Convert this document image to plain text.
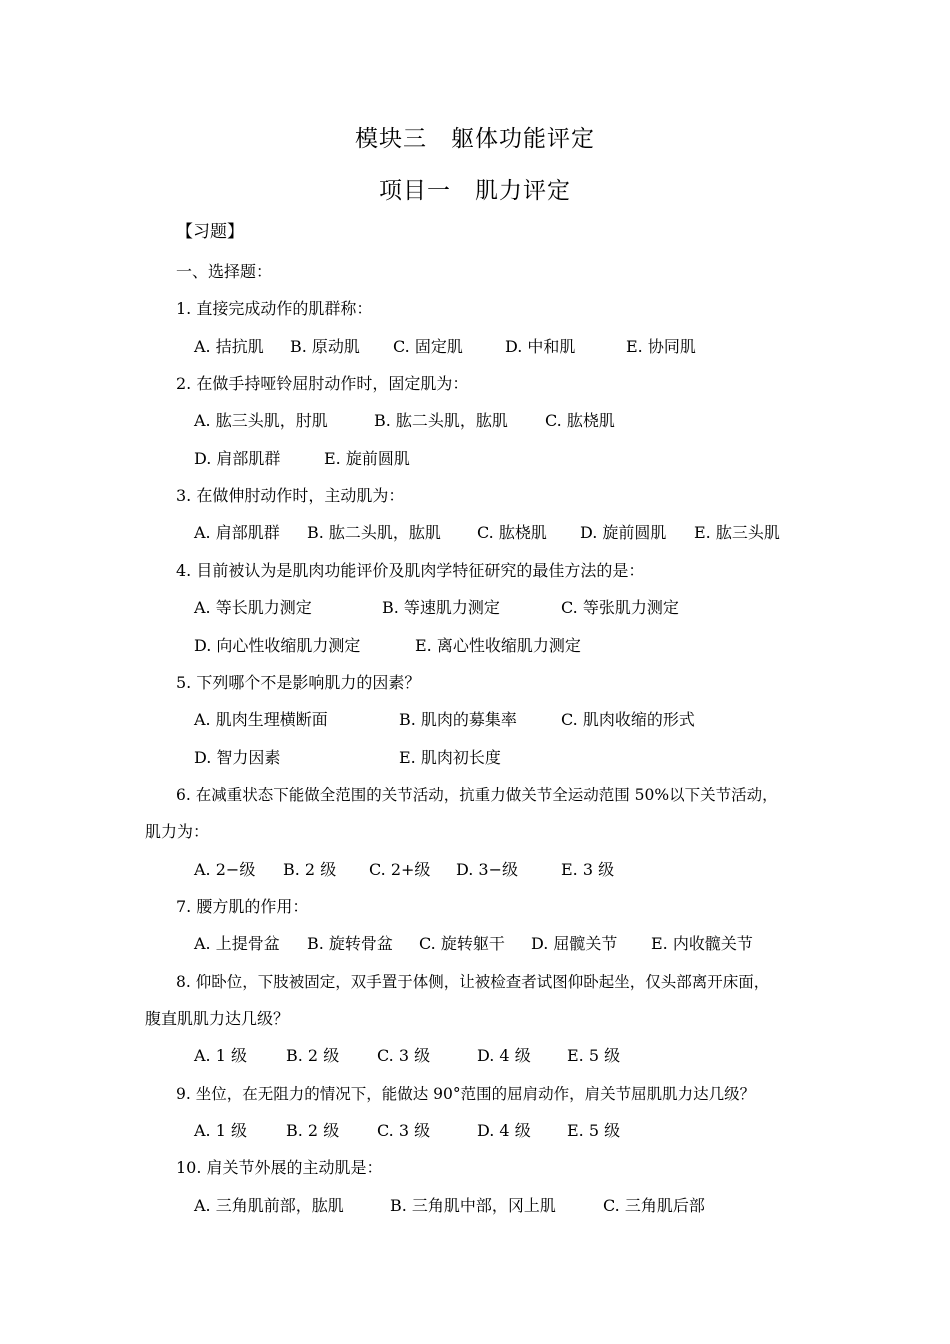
模块三　躯体功能评定
项目一　肌力评定
【习题】
一、选择题：
1. 直接完成动作的肌群称：
A. 拮抗肌 B. 原动肌 C. 固定肌	D. 中和肌	E. 协同肌
2. 在做手持哑铃屈肘动作时，固定肌为：
A. 肱三头肌，肘肌	B. 肱二头肌，肱肌 C. 肱桡肌
D. 肩部肌群	E. 旋前圆肌
3. 在做伸肘动作时，主动肌为：
A. 肩部肌群 B. 肱二头肌，肱肌 C. 肱桡肌 D. 旋前圆肌 E. 肱三头肌
4. 目前被认为是肌肉功能评价及肌肉学特征研究的最佳方法的是：
A. 等长肌力测定	B. 等速肌力测定	C. 等张肌力测定
D. 向心性收缩肌力测定	E. 离心性收缩肌力测定
5. 下列哪个不是影响肌力的因素？
A. 肌肉生理横断面	B. 肌肉的募集率	C. 肌肉收缩的形式
D. 智力因素	E. 肌肉初长度
6. 在减重状态下能做全范围的关节活动，抗重力做关节全运动范围 50%以下关节活动，
肌力为：
A. 2−级 B. 2 级 C. 2+级 D. 3−级	E. 3 级
7. 腰方肌的作用：
A. 上提骨盆 B. 旋转骨盆 C. 旋转躯干 D. 屈髋关节 E. 内收髋关节
8. 仰卧位，下肢被固定，双手置于体侧，让被检查者试图仰卧起坐，仅头部离开床面，
腹直肌肌力达几级？
A. 1 级 B. 2 级 C. 3 级	D. 4 级 E. 5 级
9. 坐位，在无阻力的情况下，能做达 90°范围的屈肩动作，肩关节屈肌肌力达几级？
A. 1 级 B. 2 级 C. 3 级	D. 4 级 E. 5 级
10. 肩关节外展的主动肌是：
A. 三角肌前部，肱肌	B. 三角肌中部，冈上肌	C. 三角肌后部
